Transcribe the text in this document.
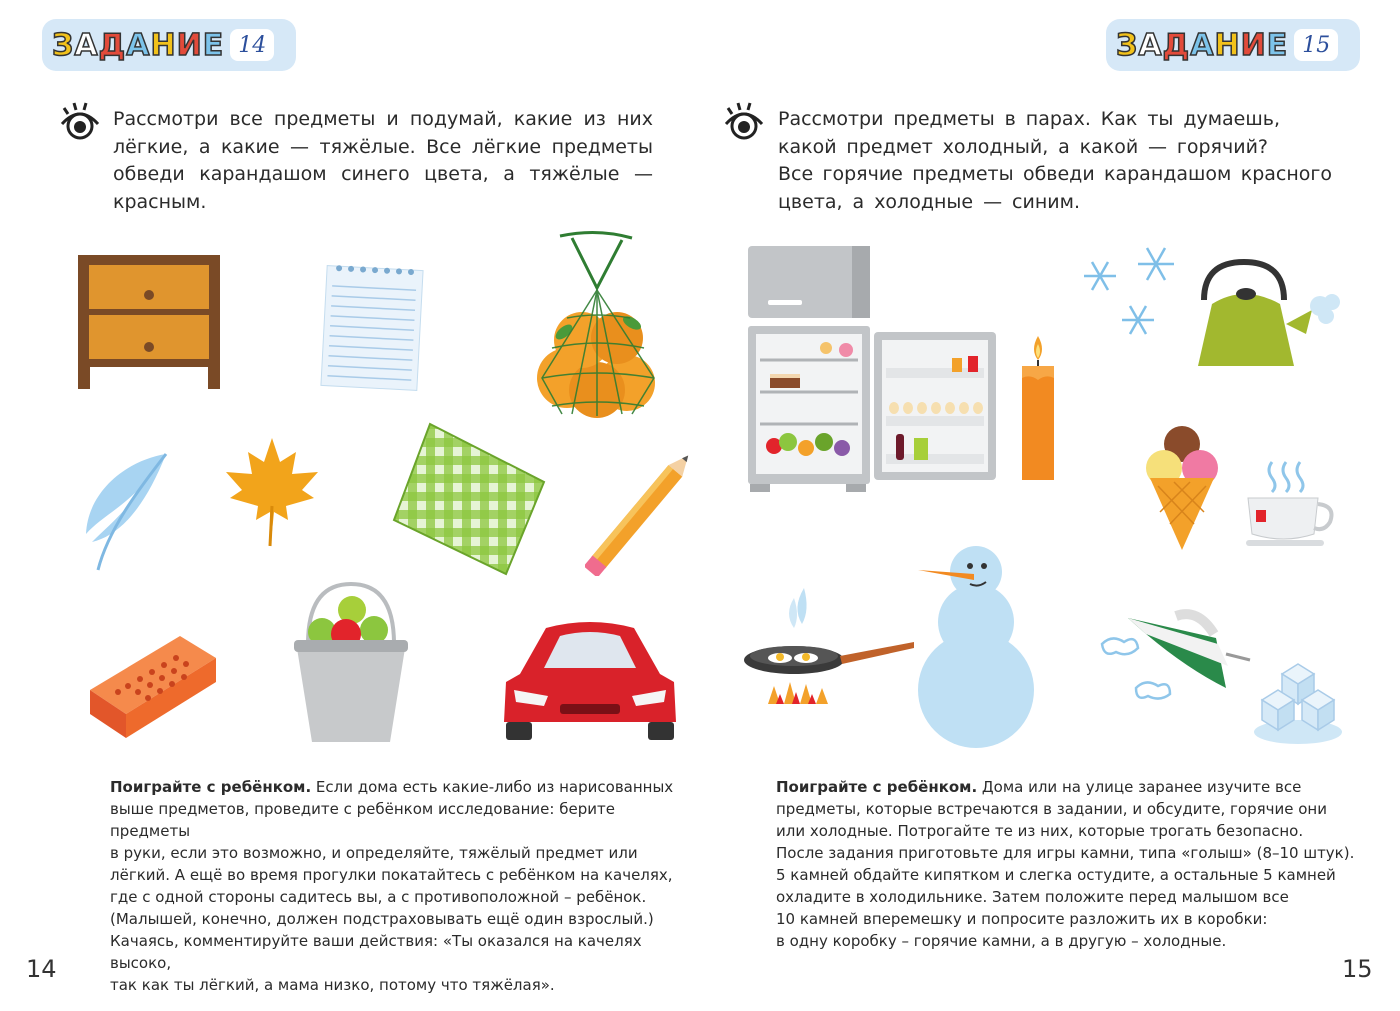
ЗАДАНИЕ 14
Рассмотри все предметы и подумай, какие из них
лёгкие, а какие — тяжёлые. Все лёгкие предметы
обведи карандашом синего цвета, а тяжёлые —
красным.
Поиграйте с ребёнком. Если дома есть какие-либо из нарисованных
выше предметов, проведите с ребёнком исследование: берите предметы
в руки, если это возможно, и определяйте, тяжёлый предмет или
лёгкий. А ещё во время прогулки покатайтесь с ребёнком на качелях,
где с одной стороны садитесь вы, а с противоположной – ребёнок.
(Малышей, конечно, должен подстраховывать ещё один взрослый.)
Качаясь, комментируйте ваши действия: «Ты оказался на качелях высоко,
так как ты лёгкий, а мама низко, потому что тяжёлая».
14
ЗАДАНИЕ 15
Рассмотри предметы в парах. Как ты думаешь,
какой предмет холодный, а какой — горячий?
Все горячие предметы обведи карандашом красного
цвета, а холодные — синим.
Поиграйте с ребёнком. Дома или на улице заранее изучите все
предметы, которые встречаются в задании, и обсудите, горячие они
или холодные. Потрогайте те из них, которые трогать безопасно.
После задания приготовьте для игры камни, типа «голыш» (8–10 штук).
5 камней обдайте кипятком и слегка остудите, а остальные 5 камней
охладите в холодильнике. Затем положите перед малышом все
10 камней вперемешку и попросите разложить их в коробки:
в одну коробку – горячие камни, а в другую – холодные.
15
